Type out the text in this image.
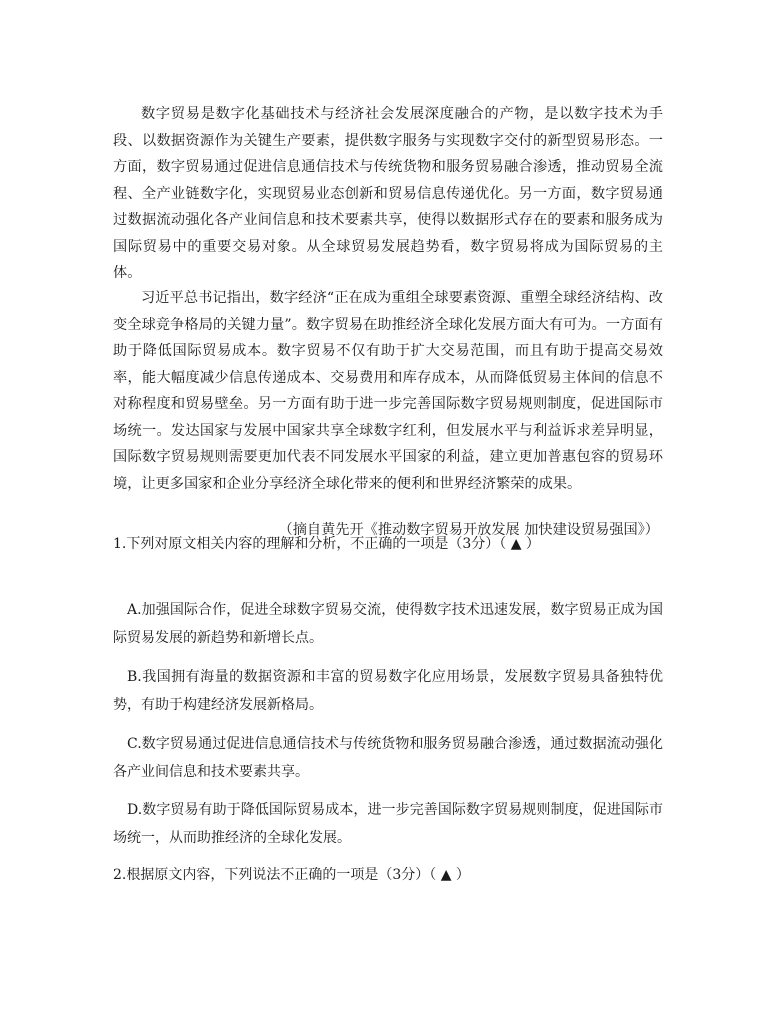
数字贸易是数字化基础技术与经济社会发展深度融合的产物，是以数字技术为手段、以数据资源作为关键生产要素，提供数字服务与实现数字交付的新型贸易形态。一方面，数字贸易通过促进信息通信技术与传统货物和服务贸易融合渗透，推动贸易全流程、全产业链数字化，实现贸易业态创新和贸易信息传递优化。另一方面，数字贸易通过数据流动强化各产业间信息和技术要素共享，使得以数据形式存在的要素和服务成为国际贸易中的重要交易对象。从全球贸易发展趋势看，数字贸易将成为国际贸易的主体。

习近平总书记指出，数字经济“正在成为重组全球要素资源、重塑全球经济结构、改变全球竞争格局的关键力量”。数字贸易在助推经济全球化发展方面大有可为。一方面有助于降低国际贸易成本。数字贸易不仅有助于扩大交易范围，而且有助于提高交易效率，能大幅度减少信息传递成本、交易费用和库存成本，从而降低贸易主体间的信息不对称程度和贸易壁垒。另一方面有助于进一步完善国际数字贸易规则制度，促进国际市场统一。发达国家与发展中国家共享全球数字红利，但发展水平与利益诉求差异明显，国际数字贸易规则需要更加代表不同发展水平国家的利益，建立更加普惠包容的贸易环境，让更多国家和企业分享经济全球化带来的便利和世界经济繁荣的成果。

（摘自黄先开《推动数字贸易开放发展 加快建设贸易强国》）

1.下列对原文相关内容的理解和分析，不正确的一项是（3分）（ ▲ ）

A.加强国际合作，促进全球数字贸易交流，使得数字技术迅速发展，数字贸易正成为国际贸易发展的新趋势和新增长点。

B.我国拥有海量的数据资源和丰富的贸易数字化应用场景，发展数字贸易具备独特优势，有助于构建经济发展新格局。

C.数字贸易通过促进信息通信技术与传统货物和服务贸易融合渗透，通过数据流动强化各产业间信息和技术要素共享。

D.数字贸易有助于降低国际贸易成本，进一步完善国际数字贸易规则制度，促进国际市场统一，从而助推经济的全球化发展。

2.根据原文内容，下列说法不正确的一项是（3分）（ ▲ ）
